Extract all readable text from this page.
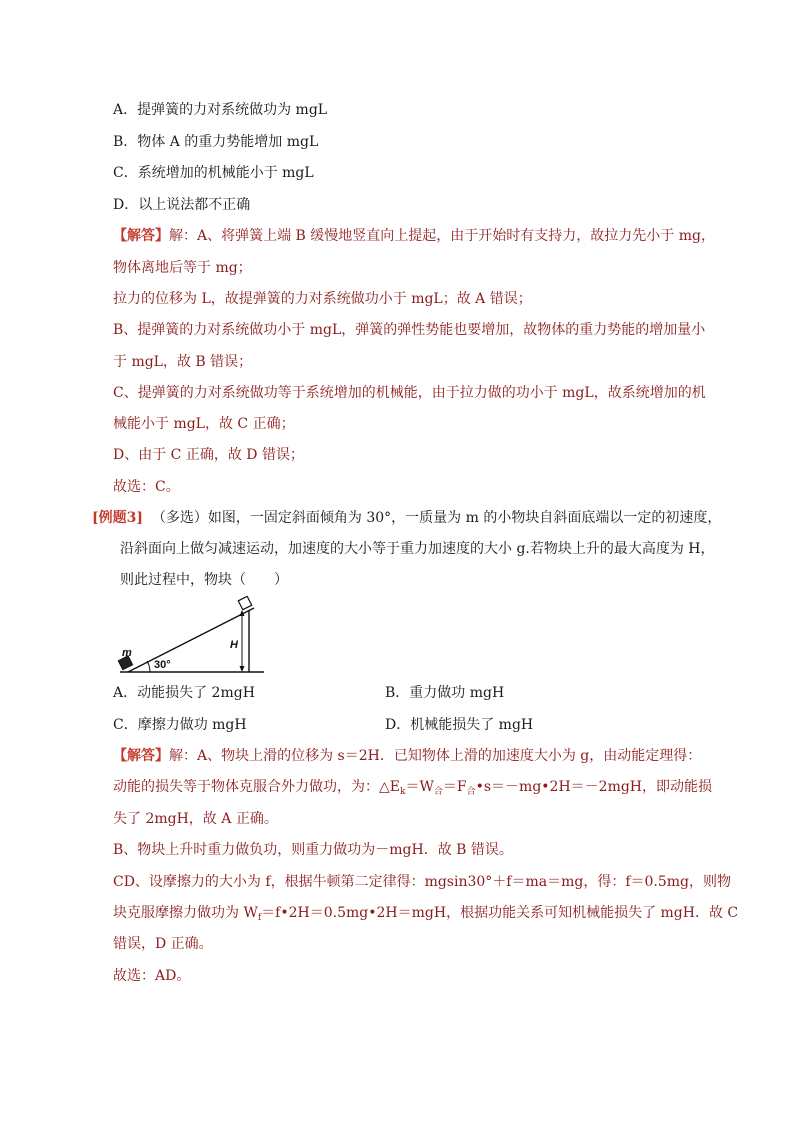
A．提弹簧的力对系统做功为 mgL
B．物体 A 的重力势能增加 mgL
C．系统增加的机械能小于 mgL
D．以上说法都不正确
【解答】解：A、将弹簧上端 B 缓慢地竖直向上提起，由于开始时有支持力，故拉力先小于 mg，
物体离地后等于 mg；
拉力的位移为 L，故提弹簧的力对系统做功小于 mgL；故 A 错误；
B、提弹簧的力对系统做功小于 mgL，弹簧的弹性势能也要增加，故物体的重力势能的增加量小
于 mgL，故 B 错误；
C、提弹簧的力对系统做功等于系统增加的机械能，由于拉力做的功小于 mgL，故系统增加的机
械能小于 mgL，故 C 正确；
D、由于 C 正确，故 D 错误；
故选：C。
[例题3] （多选）如图，一固定斜面倾角为 30°，一质量为 m 的小物块自斜面底端以一定的初速度，
沿斜面向上做匀减速运动，加速度的大小等于重力加速度的大小 g.若物块上升的最大高度为 H，
则此过程中，物块（　　）
m
30°
H
A．动能损失了 2mgH	B．重力做功 mgH
C．摩擦力做功 mgH	D．机械能损失了 mgH
【解答】解：A、物块上滑的位移为 s＝2H．已知物体上滑的加速度大小为 g，由动能定理得：
动能的损失等于物体克服合外力做功，为：$\triangle E_k=W_合=F_合•s=-mg•2H=-2mgH$，即动能损
失了 2mgH，故 A 正确。
B、物块上升时重力做负功，则重力做功为－mgH．故 B 错误。
CD、设摩擦力的大小为 f，根据牛顿第二定律得：mgsin30°＋f＝ma＝mg，得：f＝0.5mg，则物
块克服摩擦力做功为 $W_f=f•2H=0.5mg•2H=mgH$，根据功能关系可知机械能损失了 mgH．故 C
错误，D 正确。
故选：AD。
